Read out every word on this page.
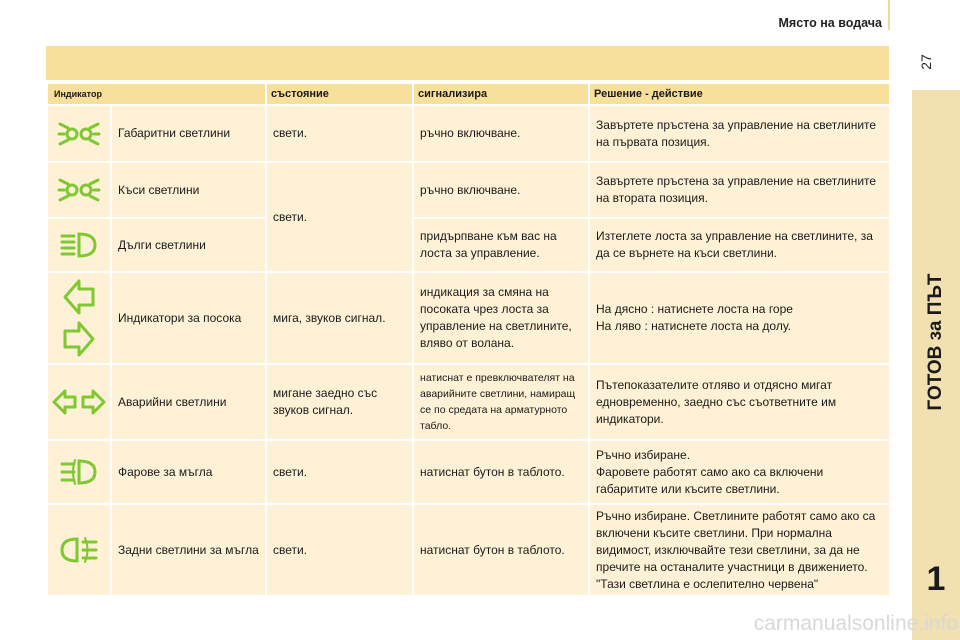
Място на водача
27
ГОТОВ за ПЪТ
1
Индикатор		състояние	сигнализира	Решение - действие

	Габаритни светлини	свети.	ръчно включване.	Завъртете пръстена за управление на светлините на първата позиция.

	Къси светлини	свети.	ръчно включване.	Завъртете пръстена за управление на светлините на втората позиция.

	Дълги светлини		придърпване към вас на лоста за управление.	Изтеглете лоста за управление на светлините, за да се върнете на къси светлини.

	Индикатори за посока	мига, звуков сигнал.	индикация за смяна на посоката чрез лоста за управление на светлините, вляво от волана.	На дясно : натиснете лоста на горе
На ляво : натиснете лоста на долу.

	Аварийни светлини	мигане заедно със звуков сигнал.	натиснат е превключвателят на аварийните светлини, намиращ се по средата на арматурното табло.	Пътепоказателите отляво и отдясно мигат едновременно, заедно със съответните им индикатори.

	Фарове за мъгла	свети.	натиснат бутон в таблото.	Ръчно избиране.
Фаровете работят само ако са включени габаритите или късите светлини.

	Задни светлини за мъгла	свети.	натиснат бутон в таблото.	Ръчно избиране. Светлините работят само ако са включени късите светлини. При нормална видимост, изключвайте тези светлини, за да не пречите на останалите участници в движението. "Тази светлина е ослепително червена"
carmanualsonline.info
